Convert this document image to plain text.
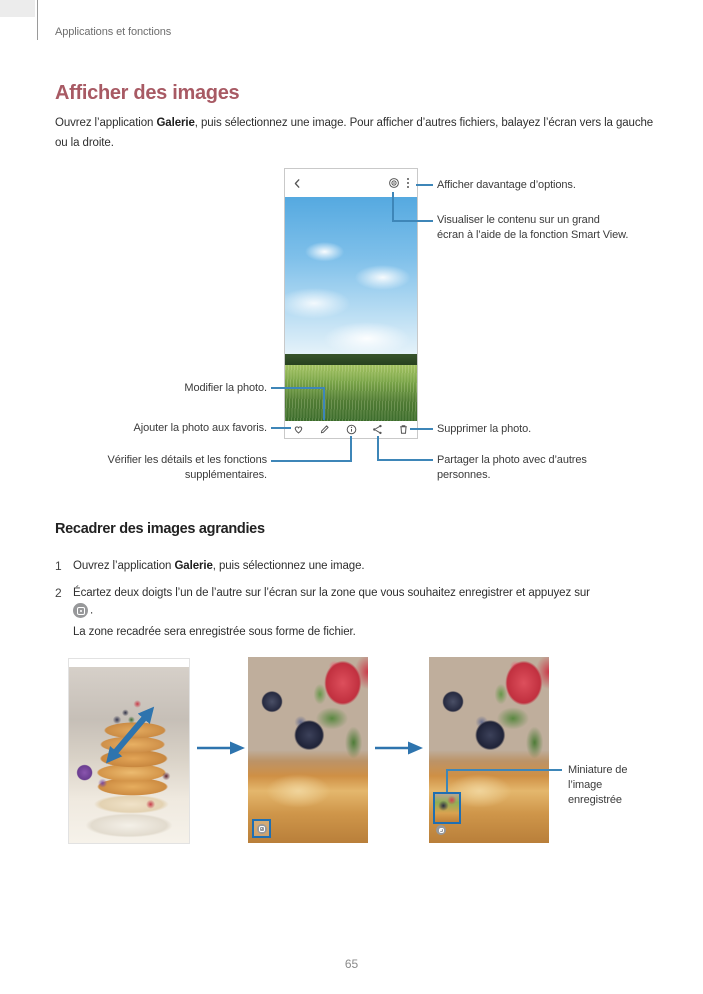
Applications et fonctions
Afficher des images

Ouvrez l’application Galerie, puis sélectionnez une image. Pour afficher d’autres fichiers, balayez l’écran vers la gauche ou la droite.

Afficher davantage d’options.
Visualiser le contenu sur un grand écran à l’aide de la fonction Smart View.
Supprimer la photo.
Partager la photo avec d’autres personnes.
Modifier la photo.
Ajouter la photo aux favoris.
Vérifier les détails et les fonctions supplémentaires.
Recadrer des images agrandies
1 Ouvrez l’application Galerie, puis sélectionnez une image.
2 Écartez deux doigts l’un de l’autre sur l’écran sur la zone que vous souhaitez enregistrer et appuyez sur
.
La zone recadrée sera enregistrée sous forme de fichier.
Miniature de l’image enregistrée
65
